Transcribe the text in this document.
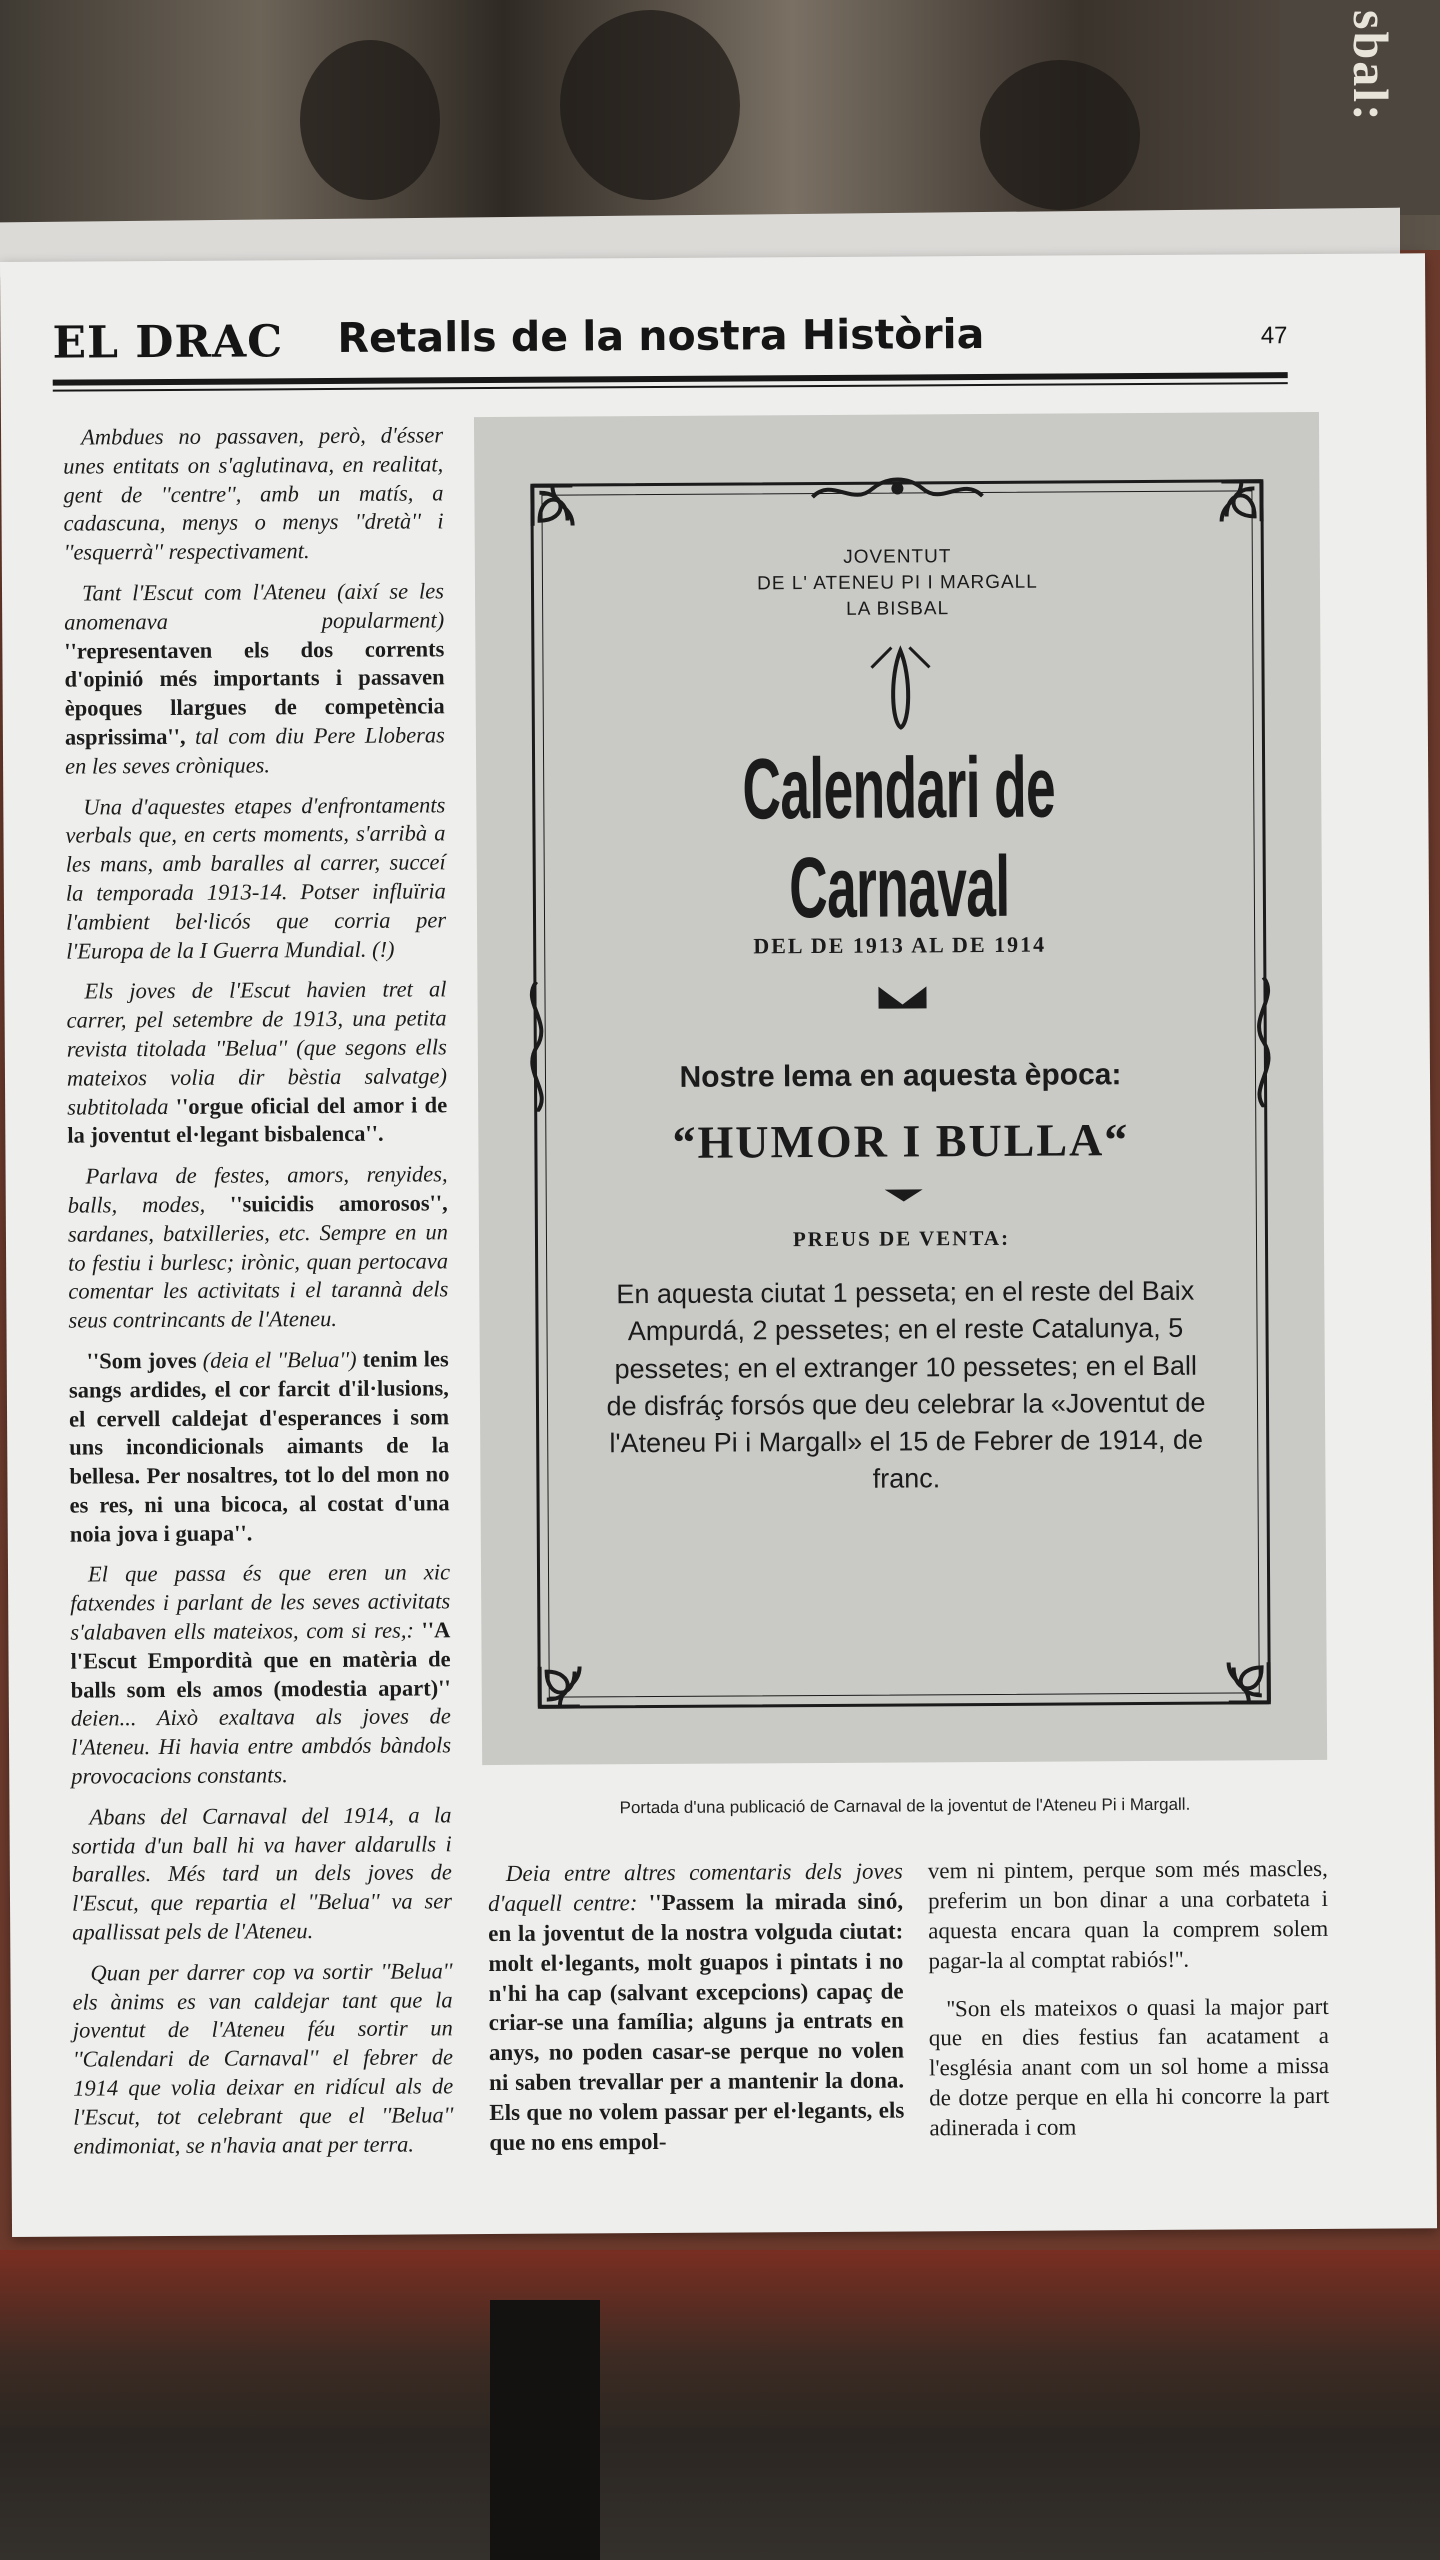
sbal:
EL DRAC Retalls de la nostra Història	47

Ambdues no passaven, però, d'ésser unes entitats on s'aglutinava, en realitat, gent de ''centre'', amb un matís, a cadascuna, menys o menys ''dretà'' i ''esquerrà'' respectivament.

Tant l'Escut com l'Ateneu (així se les anomenava popularment) ''representaven els dos corrents d'opinió més importants i passaven èpoques llargues de competència asprissima'', tal com diu Pere Lloberas en les seves cròniques.

Una d'aquestes etapes d'enfrontaments verbals que, en certs moments, s'arribà a les mans, amb baralles al carrer, succeí la temporada 1913-14. Potser influïria l'ambient bel·licós que corria per l'Europa de la I Guerra Mundial. (!)

Els joves de l'Escut havien tret al carrer, pel setembre de 1913, una petita revista titolada ''Belua'' (que segons ells mateixos volia dir bèstia salvatge) subtitolada ''orgue oficial del amor i de la joventut el·legant bisbalenca''.

Parlava de festes, amors, renyides, balls, modes, ''suicidis amorosos'', sardanes, batxilleries, etc. Sempre en un to festiu i burlesc; irònic, quan pertocava comentar les activitats i el tarannà dels seus contrincants de l'Ateneu.

''Som joves (deia el ''Belua'') tenim les sangs ardides, el cor farcit d'il·lusions, el cervell caldejat d'esperances i som uns incondicionals aimants de la bellesa. Per nosaltres, tot lo del mon no es res, ni una bicoca, al costat d'una noia jova i guapa''.

El que passa és que eren un xic fatxendes i parlant de les seves activitats s'alabaven ells mateixos, com si res,: ''A l'Escut Empordità que en matèria de balls som els amos (modestia apart)'' deien... Això exaltava als joves de l'Ateneu. Hi havia entre ambdós bàndols provocacions constants.

Abans del Carnaval del 1914, a la sortida d'un ball hi va haver aldarulls i baralles. Més tard un dels joves de l'Escut, que repartia el ''Belua'' va ser apallissat pels de l'Ateneu.

Quan per darrer cop va sortir ''Belua'' els ànims es van caldejar tant que la joventut de l'Ateneu féu sortir un ''Calendari de Carnaval'' el febrer de 1914 que volia deixar en ridícul als de l'Escut, tot celebrant que el ''Belua'' endimoniat, se n'havia anat per terra.

JOVENTUT
DE L' ATENEU PI I MARGALL
LA BISBAL
Calendari de Carnaval
DEL DE 1913 AL DE 1914
Nostre lema en aquesta època:
“HUMOR I BULLA“
PREUS DE VENTA:
En aquesta ciutat 1 pesseta; en el reste del Baix Ampurdá, 2 pessetes; en el reste Catalunya, 5 pessetes; en el extranger 10 pessetes; en el Ball de disfráç forsós que deu celebrar la «Joventut de l'Ateneu Pi i Margall» el 15 de Febrer de 1914, de franc.
Portada d'una publicació de Carnaval de la joventut de l'Ateneu Pi i Margall.

Deia entre altres comentaris dels joves d'aquell centre: ''Passem la mirada sinó, en la joventut de la nostra volguda ciutat: molt el·legants, molt guapos i pintats i no n'hi ha cap (salvant excepcions) capaç de criar-se una família; alguns ja entrats en anys, no poden casar-se perque no volen ni saben trevallar per a mantenir la dona. Els que no volem passar per el·legants, els que no ens empol-

vem ni pintem, perque som més mascles, preferim un bon dinar a una corbateta i aquesta encara quan la comprem solem pagar-la al comptat rabiós!''.

''Son els mateixos o quasi la major part que en dies festius fan acatament a l'església anant com un sol home a missa de dotze perque en ella hi concorre la part adinerada i com
